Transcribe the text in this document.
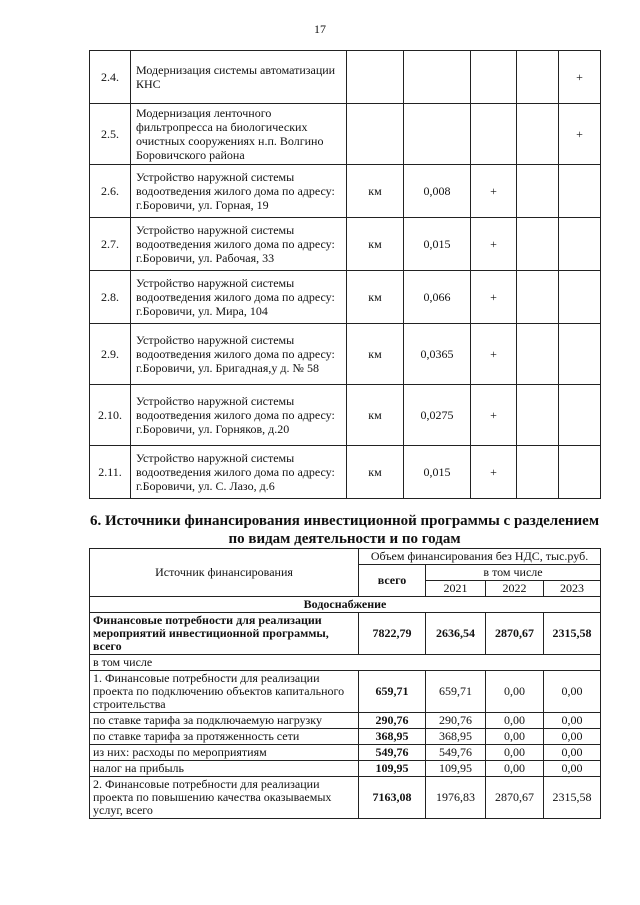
17
2.4.	Модернизация системы автоматизации КНС					+
2.5.	Модернизация ленточного фильтропресса на биологических очистных сооружениях н.п. Волгино Боровичского района					+
2.6.	Устройство наружной системы водоотведения жилого дома по адресу: г.Боровичи, ул. Горная, 19	км	0,008	+		
2.7.	Устройство наружной системы водоотведения жилого дома по адресу: г.Боровичи, ул. Рабочая, 33	км	0,015	+		
2.8.	Устройство наружной системы водоотведения жилого дома по адресу: г.Боровичи, ул. Мира, 104	км	0,066	+		
2.9.	Устройство наружной системы водоотведения жилого дома по адресу: г.Боровичи, ул. Бригадная,у д. № 58	км	0,0365	+		
2.10.	Устройство наружной системы водоотведения жилого дома по адресу: г.Боровичи, ул. Горняков, д.20	км	0,0275	+		
2.11.	Устройство наружной системы водоотведения жилого дома по адресу: г.Боровичи, ул. С. Лазо, д.6	км	0,015	+		
6. Источники финансирования инвестиционной программы с разделением по видам деятельности и по годам
Источник финансирования	Объем финансирования без НДС, тыс.руб.			
	всего	в том числе		
		2021	2022	2023
Водоснабжение				
Финансовые потребности для реализации мероприятий инвестиционной программы, всего	7822,79	2636,54	2870,67	2315,58
в том числе				
1. Финансовые потребности для реализации проекта по подключению объектов капитального строительства	659,71	659,71	0,00	0,00
по ставке тарифа за подключаемую нагрузку	290,76	290,76	0,00	0,00
по ставке тарифа за протяженность сети	368,95	368,95	0,00	0,00
из них: расходы по мероприятиям	549,76	549,76	0,00	0,00
налог на прибыль	109,95	109,95	0,00	0,00
2. Финансовые потребности для реализации проекта по повышению качества оказываемых услуг, всего	7163,08	1976,83	2870,67	2315,58
